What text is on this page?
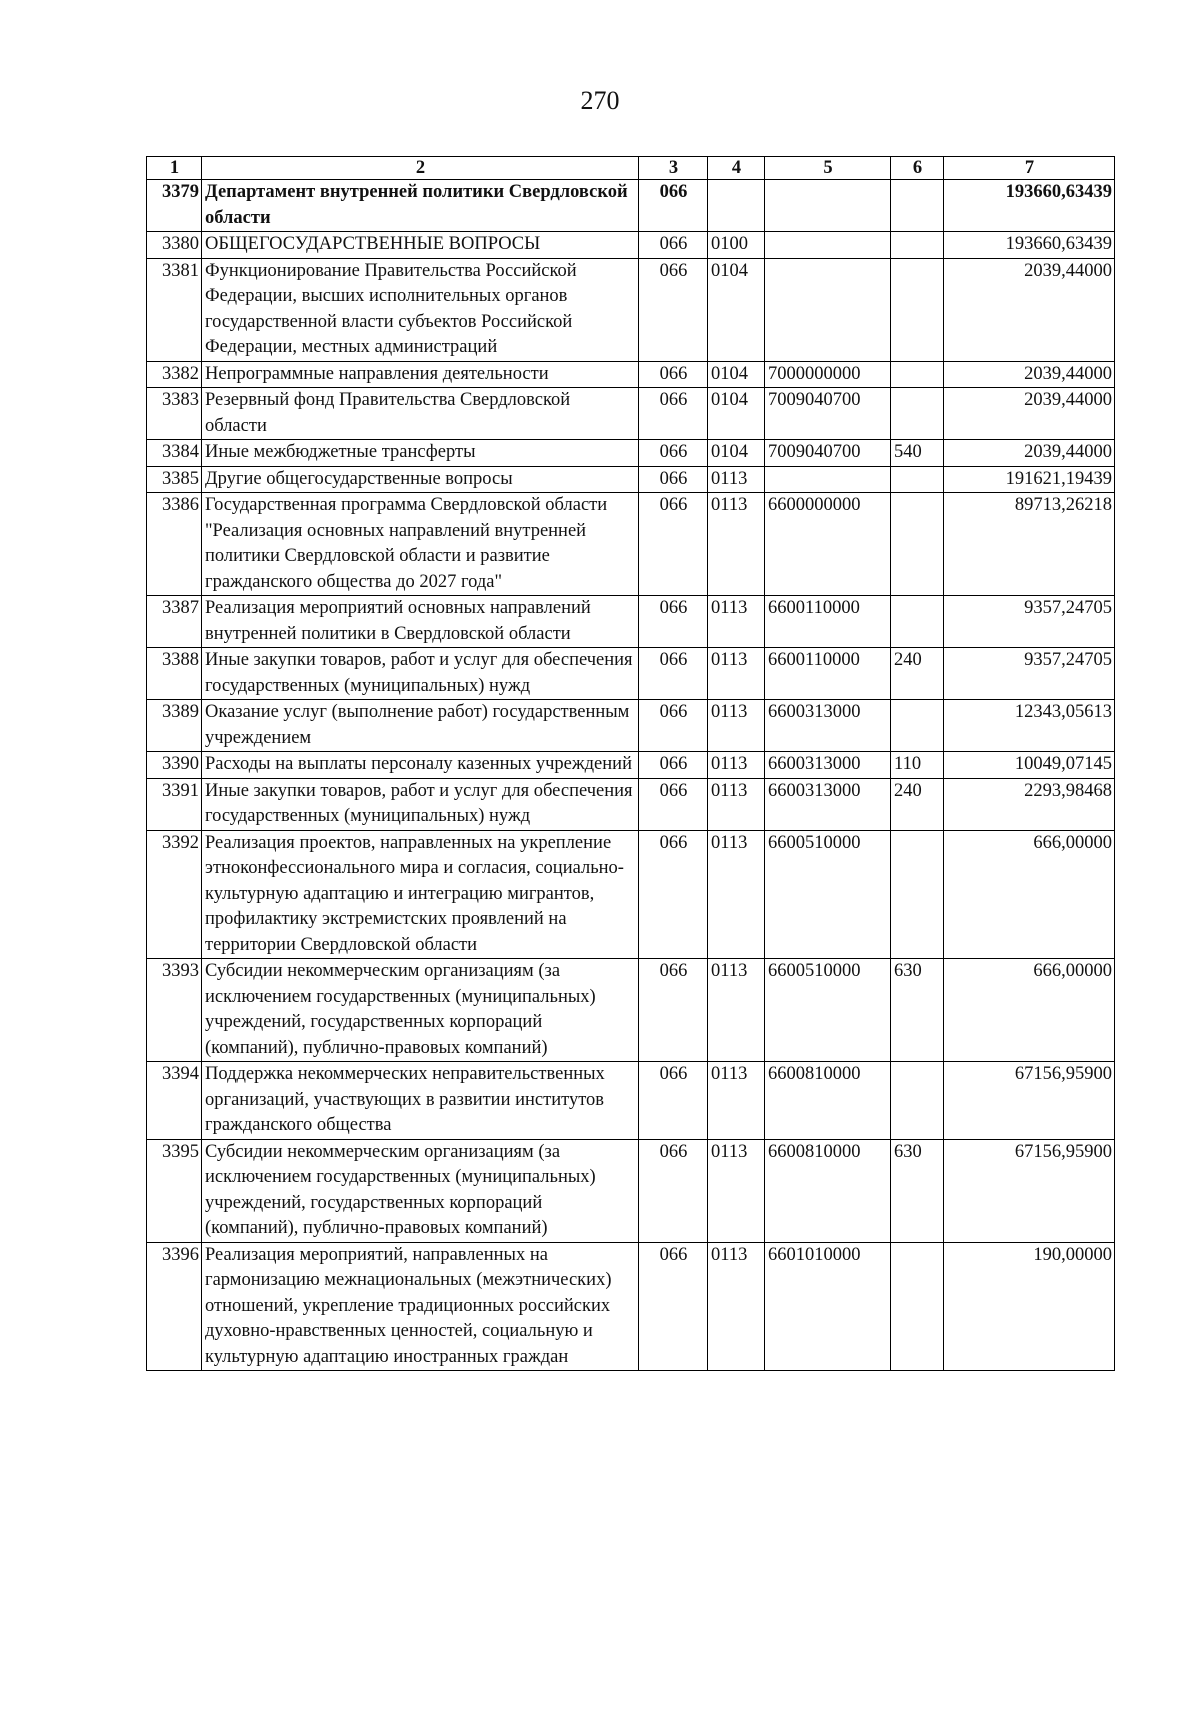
270
1	2	3	4	5	6	7
3379	Департамент внутренней политики Свердловской области	066				193660,63439
3380	ОБЩЕГОСУДАРСТВЕННЫЕ ВОПРОСЫ	066	0100			193660,63439
3381	Функционирование Правительства Российской Федерации, высших исполнительных органов государственной власти субъектов Российской Федерации, местных администраций	066	0104			2039,44000
3382	Непрограммные направления деятельности	066	0104	7000000000		2039,44000
3383	Резервный фонд Правительства Свердловской области	066	0104	7009040700		2039,44000
3384	Иные межбюджетные трансферты	066	0104	7009040700	540	2039,44000
3385	Другие общегосударственные вопросы	066	0113			191621,19439
3386	Государственная программа Свердловской области "Реализация основных направлений внутренней политики Свердловской области и развитие гражданского общества до 2027 года"	066	0113	6600000000		89713,26218
3387	Реализация мероприятий основных направлений внутренней политики в Свердловской области	066	0113	6600110000		9357,24705
3388	Иные закупки товаров, работ и услуг для обеспечения государственных (муниципальных) нужд	066	0113	6600110000	240	9357,24705
3389	Оказание услуг (выполнение работ) государственным учреждением	066	0113	6600313000		12343,05613
3390	Расходы на выплаты персоналу казенных учреждений	066	0113	6600313000	110	10049,07145
3391	Иные закупки товаров, работ и услуг для обеспечения государственных (муниципальных) нужд	066	0113	6600313000	240	2293,98468
3392	Реализация проектов, направленных на укрепление этноконфессионального мира и согласия, социально-культурную адаптацию и интеграцию мигрантов, профилактику экстремистских проявлений на территории Свердловской области	066	0113	6600510000		666,00000
3393	Субсидии некоммерческим организациям (за исключением государственных (муниципальных) учреждений, государственных корпораций (компаний), публично-правовых компаний)	066	0113	6600510000	630	666,00000
3394	Поддержка некоммерческих неправительственных организаций, участвующих в развитии институтов гражданского общества	066	0113	6600810000		67156,95900
3395	Субсидии некоммерческим организациям (за исключением государственных (муниципальных) учреждений, государственных корпораций (компаний), публично-правовых компаний)	066	0113	6600810000	630	67156,95900
3396	Реализация мероприятий, направленных на гармонизацию межнациональных (межэтнических) отношений, укрепление традиционных российских духовно-нравственных ценностей, социальную и культурную адаптацию иностранных граждан	066	0113	6601010000		190,00000
